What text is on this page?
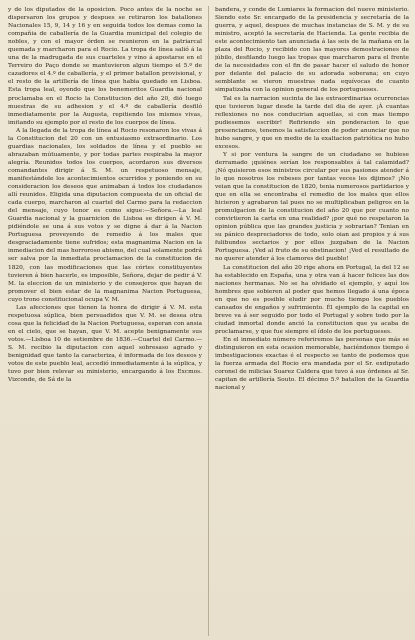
y de los diputados de la oposicion. Poco antes de la noche se dispersaron los grupos y despues se retiraron los batallones Nacionales 15, 9, 14 y 16 y en seguida todos los demas como la compañia de caballería de la Guardia municipal del colegio de nobles, y con el mayor órden se reunieron en la patriarcal quemada y marcharon para el Rocio. La tropa de línea salió á la una de la madrugada de sus cuarteles y vino á apostarse en el Terreiro do Paço donde se mantuvieron algun tiempo el 5.º de cazadores el 4.º de caballería, y el primer batallon provisional, y el resto de la artillería de línea que habia quedado en Lisboa. Esta tropa leal, oyendo que los benemeritos Guardia nacional proclamaba en el Rocio la Constitucion del año 20, dió luego muestras de su adhesion y el 4.º de caballería desfiló inmediatamente por la Augusta, repitiendo los mismos vivas, imitando su ejemplo por el resto de los cuerpos de línea.

A la llegada de la tropa de línea al Rocio resonaron los vivas á la Constitucion del 20 con un entusiasmo extraordinario. Los guardias nacionales, los soldados de línea y el pueblo se abrazaban mútuamente, y por todas partes respiraba la mayor alegría. Reunidos todos los cuerpos, acordaron sus diversos comandantes dirigir á S. M. un respetuoso mensaje, manifestándole los acontecimientos ocurridos y poniendo en su consideracion los deseos que animaban á todos los ciudadanos allí reunidos. Eligida una diputacion compuesta de un oficial de cada cuerpo, marcharon al cuartel del Carmo para la redaccion del mensaje, cuyo tenor es como sigue:—Señora.—La leal Guardia nacional y la guarnicion de Lisboa se dirigen á V. M. pidiéndole se una á sus votos y se digne á dar á la Nacion Portuguesa proveyendo de remedio á los males que desgraciadamente tiene sufridos; esta magnanima Nacion en la inmediacion del mas horroroso abismo, del cual solamente podrá ser salva por la inmediata proclamacion de la constitucion de 1820, con las modificaciones que las córtes constituyentes tuvieren á bien hacerle, es imposible, Señora, dejar de pedir á V. M. la eleccion de un ministerio y de consejeros que hayan de promover el bien estar de la magnanima Nacion Portuguesa, cuyo trono constitucional ocupa V. M.

Las afecciones que tienen la honra de dirigir á V. M. esta respetuosa súplica, bien persuadidos que V. M. se desea otra cosa que la felicidad de la Nacion Portuguesa, esperan con ansia en el cielo, que se hayan, que V. M. acepte benignamente sus votos.—Lisboa 10 de setiembre de 1836.—Cuartel del Carmo.—S. M. recibio la diputacion con aquel sobresaso agrado y benignidad que tanto la caracteriza, é informada de los deseos y votos de este pueblo leal, accedió inmediatamente á la súplica, y tuvo por bien relevar su ministerio, encargando á los Excmos. Vizconde, de Sá de la

bandera, y conde de Lumiares la formacion del nuevo ministerio. Siendo este Sr. encargado de la presidencia y secretaría de la guerra, y aquel, despues de muchas instancias de S. M. y de su ministro, aceptó la secretaría de Hacienda. La gente recibia de este acontecimiento tan anunciada á las seis de la mañana en la plaza del Rocio, y recibido con las mayores demostraciones de júbilo, desfilando luego las tropas que marcharon para el frente de la necesidades con el fin de pasar hacer el saludo de honor por delante del palacio de su adorada soberana; en cuyo semblante se vieron muestras nada equívocas de cuanto simpatizaba con la opinion general de los portugueses.

Tal es la narracion sucinta de las extraordinarias ocurrencias que tuvieron lugar desde la tarde del dia de ayer. ¡Á cuantas reflexiones no nos conducirian aquellas, si con mas tiempo pudiesemos escribir! Refiriendo sin ponderacion lo que presenciamos, tenemos la satisfaccion de poder anunciar que no hubo sangre, y que en medio de la exaltacion patriótica no hubo excesos.

Y si por ventura la sangre de un ciudadano se hubiese derramado ¡quiénes serían los responsables á tal calamidad? ¡Nó quisieron esos ministros circular por sus pasiones atender á lo que nosotros los rebeses por tantas veces les dijimos? ¡No veian que la constitucion de 1820, tenia numerosos partidarios y que en ella se encontraba el remedio de los males que ellos hicieron y agrabaron tal pues no se multiplicaban peligros en la promulgacion de la constitucion del año 20 que por cuanto no convirtieron la carta en una realidad? ¡por qué no respetaron la opinion pública que las grandes justicia y sobrarian? Tenian en su pánico despreciadores de todo, solo oian asi propios y á sus fulibundos sectarios y por ellos juzgaban de la Nacion Portuguesa. ¡Ved al fruto de su obstinacion! ¡Ved el resultado de no querer atender á los clamores del pueblo!

La constitucion del año 20 rige ahora en Portugal, la del 12 se ha establecido en España, una y otra van á hacer felices las dos naciones hermanas. No se ha olvidado el ejemplo, y aquí los hombres que sobieren al poder que hemos llegado á una época en que no es posible eludir por mucho tiempo los pueblos cansados de engaños y sufrimiento. Él ejemplo de la capital en breve va á ser seguido por todo el Portugal y sobre todo por la ciudad inmortal donde anció la constitucion que ya acaba de proclamarse, y que fue siempre el ídolo de los portugueses.

En el inmediato número referiremos las personas que más se distinguieron en esta ocasion memorable, haciéndonos tiempo é imbestigaciones exactas é el respecto se tanto de podemos que la fuerza armada del Rocio era mandada por el Sr. exdiputado coronel de milicias Suarez Caldera que tuvo á sus órdenes al Sr. capitan de artillería Souto. El décimo 5.º batallon de la Guardia nacional y
